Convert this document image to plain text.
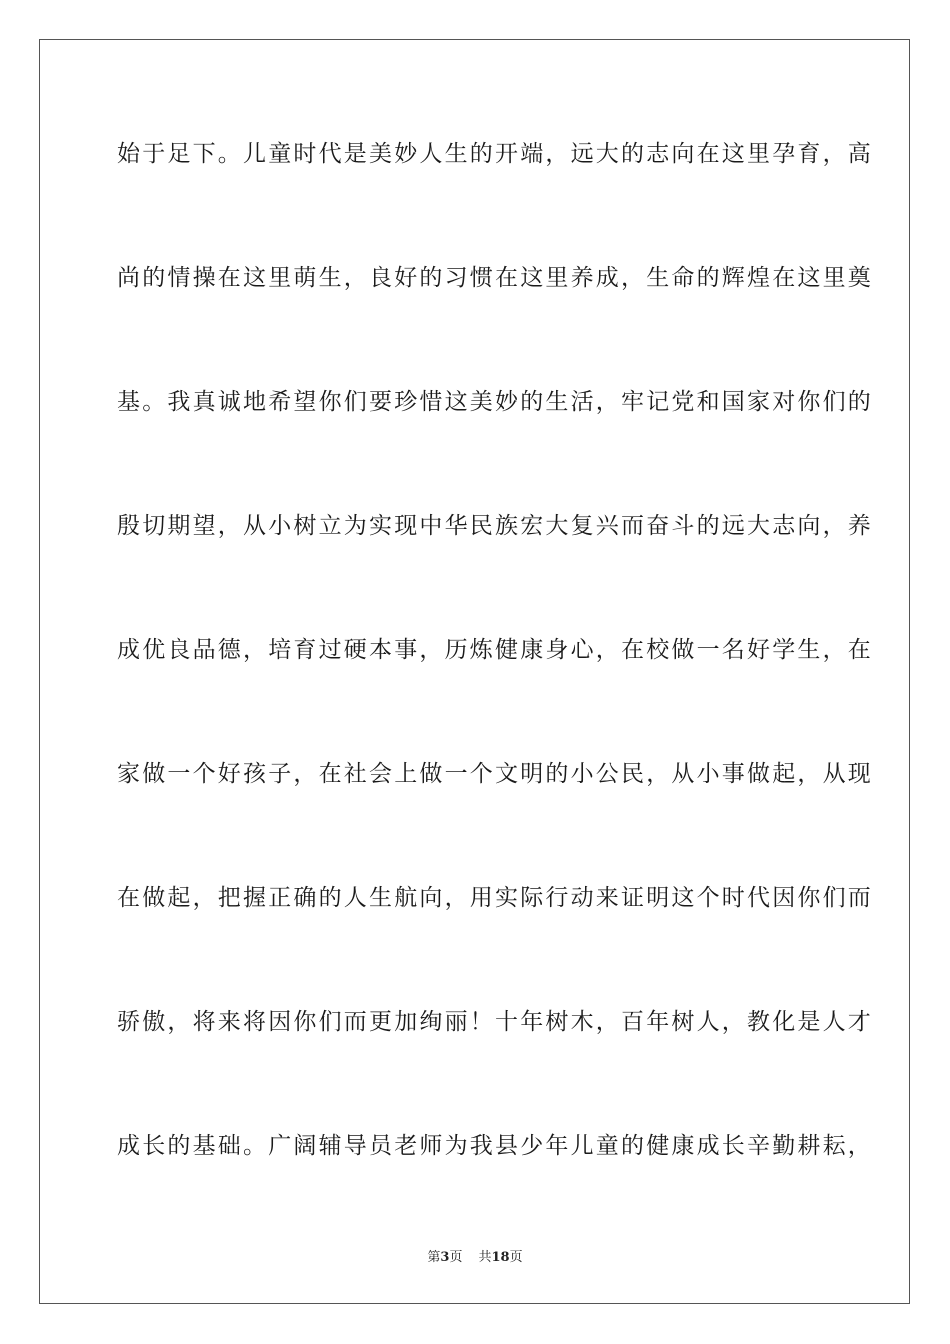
始于足下。儿童时代是美妙人生的开端，远大的志向在这里孕育，高
尚的情操在这里萌生，良好的习惯在这里养成，生命的辉煌在这里奠
基。我真诚地希望你们要珍惜这美妙的生活，牢记党和国家对你们的
殷切期望，从小树立为实现中华民族宏大复兴而奋斗的远大志向，养
成优良品德，培育过硬本事，历炼健康身心，在校做一名好学生，在
家做一个好孩子，在社会上做一个文明的小公民，从小事做起，从现
在做起，把握正确的人生航向，用实际行动来证明这个时代因你们而
骄傲，将来将因你们而更加绚丽！十年树木，百年树人，教化是人才
成长的基础。广阔辅导员老师为我县少年儿童的健康成长辛勤耕耘，
第3页 共18页
